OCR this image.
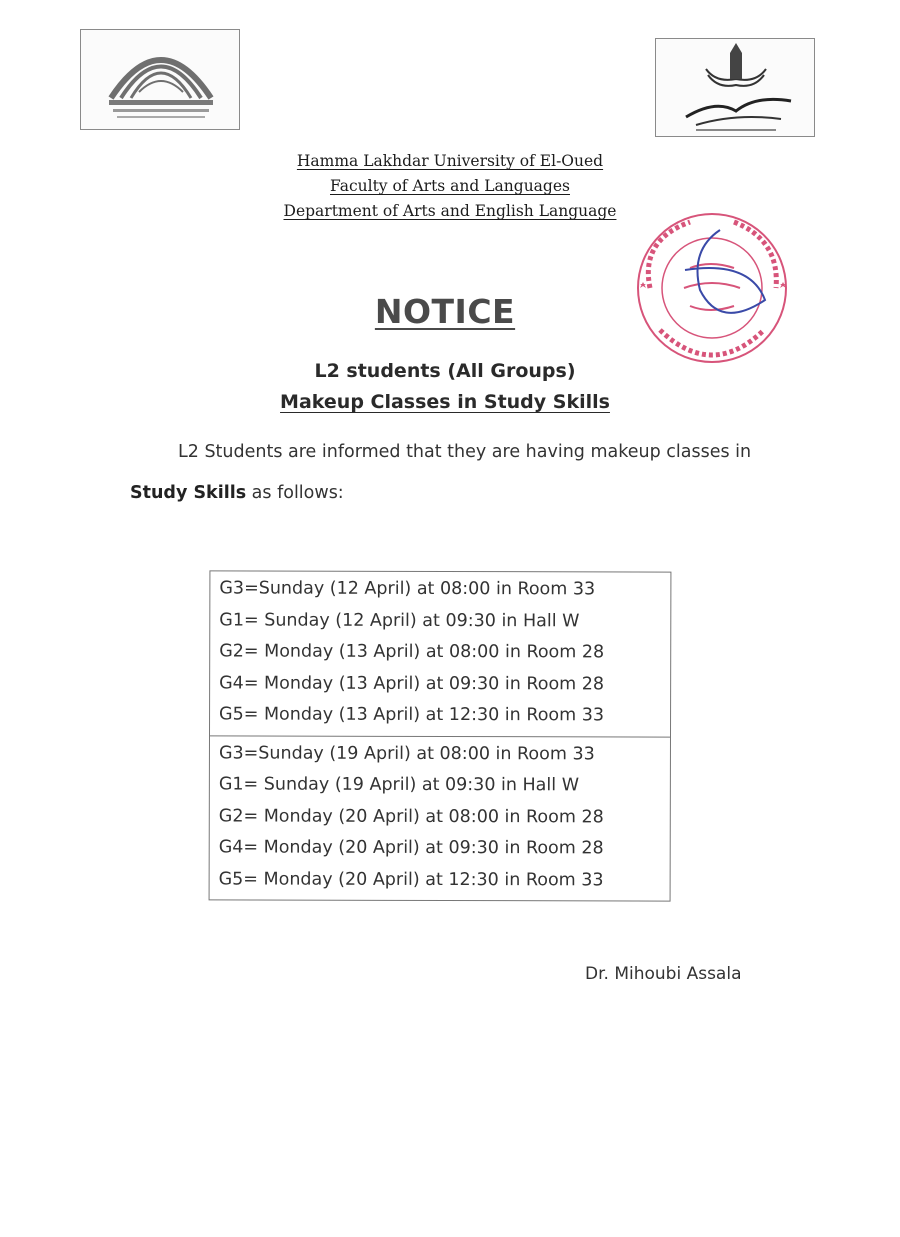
Hamma Lakhdar University of El-Oued
Faculty of Arts and Languages
Department of Arts and English Language
NOTICE
L2 students (All Groups)
Makeup Classes in Study Skills
L2 Students are informed that they are having makeup classes in
Study Skills as follows:
G3=Sunday (12 April) at 08:00 in Room 33
G1= Sunday (12 April) at 09:30 in Hall W
G2= Monday (13 April) at 08:00 in Room 28
G4= Monday (13 April) at 09:30 in Room 28
G5= Monday (13 April) at 12:30 in Room 33
G3=Sunday (19 April) at 08:00 in Room 33
G1= Sunday (19 April) at 09:30 in Hall W
G2= Monday (20 April) at 08:00 in Room 28
G4= Monday (20 April) at 09:30 in Room 28
G5= Monday (20 April) at 12:30 in Room 33
Dr. Mihoubi Assala
